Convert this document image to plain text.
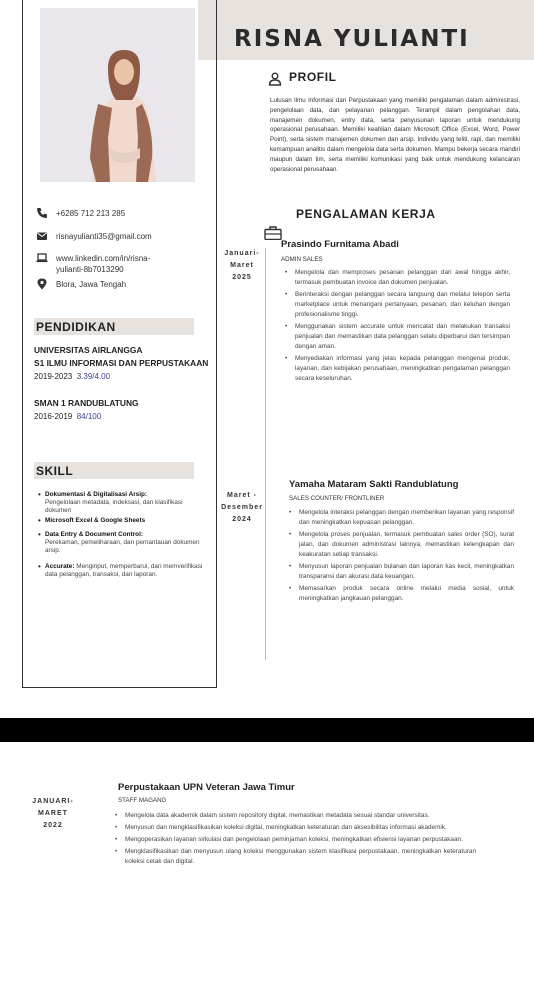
RISNA YULIANTI
+6285 712 213 285
risnayulianti35@gmail.com
www.linkedin.com/in/risna-
yulianti-8b7013290
Blora, Jawa Tengah
PENDIDIKAN
UNIVERSITAS AIRLANGGA
S1 ILMU INFORMASI DAN PERPUSTAKAAN
2019-2023 3.39/4.00
SMAN 1 RANDUBLATUNG
2016-2019 84/100
SKILL
• Dokumentasi & Digitalisasi Arsip:
Pengelolaan metadata, indeksasi, dan klasifikasi dokumen
• Microsoft Excel & Google Sheets
• Data Entry & Document Control:
Perekaman, pemeliharaan, dan pemantauan dokumen arsip.
• Accurate: Menginput, memperbarui, dan memverifikasi data pelanggan, transaksi, dan laporan.
PROFIL
Lulusan Ilmu Informasi dan Perpustakaan yang memiliki pengalaman dalam administrasi, pengelolaan data, dan pelayanan pelanggan. Terampil dalam pengolahan data, manajemen dokumen, entry data, serta penyusunan laporan untuk mendukung operasional perusahaan. Memiliki keahlian dalam Microsoft Office (Excel, Word, Power Point), serta sistem manajemen dokumen dan arsip. Individu yang teliti, rapi, dan memiliki kemampuan analitis dalam mengelola data serta dokumen. Mampu bekerja secara mandiri maupun dalam tim, serta memiliki komunikasi yang baik untuk mendukung kelancaran operasional perusahaan.
PENGALAMAN KERJA
Januari-
Maret
2025
Prasindo Furnitama Abadi
ADMIN SALES
• Mengelola dan memproses pesanan pelanggan dari awal hingga akhir, termasuk pembuatan invoice dan dokumen penjualan.
• Berinteraksi dengan pelanggan secara langsung dan melalui telepon serta marketplace untuk menangani pertanyaan, pesanan, dan keluhan dengan profesionalisme tinggi.
• Menggunakan sistem accurate untuk mencatat dan melakukan transaksi penjualan dan memastikan data pelanggan selalu diperbarui dan tersimpan dengan aman.
• Menyediakan informasi yang jelas kepada pelanggan mengenai produk, layanan, dan kebijakan perusahaan, meningkatkan pengalaman pelanggan secara keseluruhan.
Maret -
Desember
2024
Yamaha Mataram Sakti Randublatung
SALES COUNTER/ FRONTLINER
• Mengelola interaksi pelanggan dengan memberikan layanan yang responsif dan meningkatkan kepuasan pelanggan.
• Mengelola proses penjualan, termasuk pembuatan sales order (SO), surat jalan, dan dokumen administrasi lainnya, memastikan kelengkapan dan keakuratan setiap transaksi.
• Menyusun laporan penjualan bulanan dan laporan kas kecil, meningkatkan transparansi dan akurasi data keuangan.
• Memasarkan produk secara online melalui media sosial, untuk meningkatkan jangkauan pelanggan.
JANUARI-
MARET
2022
Perpustakaan UPN Veteran Jawa Timur
STAFF MAGANG
• Mengelola data akademik dalam sistem repository digital, memastikan metadata sesuai standar universitas.
• Menyusun dan mengklasifikasikan koleksi digital, meningkatkan keteraturan dan aksesibilitas informasi akademik.
• Mengoperasikan layanan sirkulasi dan pengelolaan peminjaman koleksi, meningkatkan efisiensi layanan perpustakaan.
• Mengklasifikasikan dan menyusun ulang koleksi menggunakan sistem klasifikasi perpustakaan, meningkatkan keteraturan koleksi cetak dan digital.
